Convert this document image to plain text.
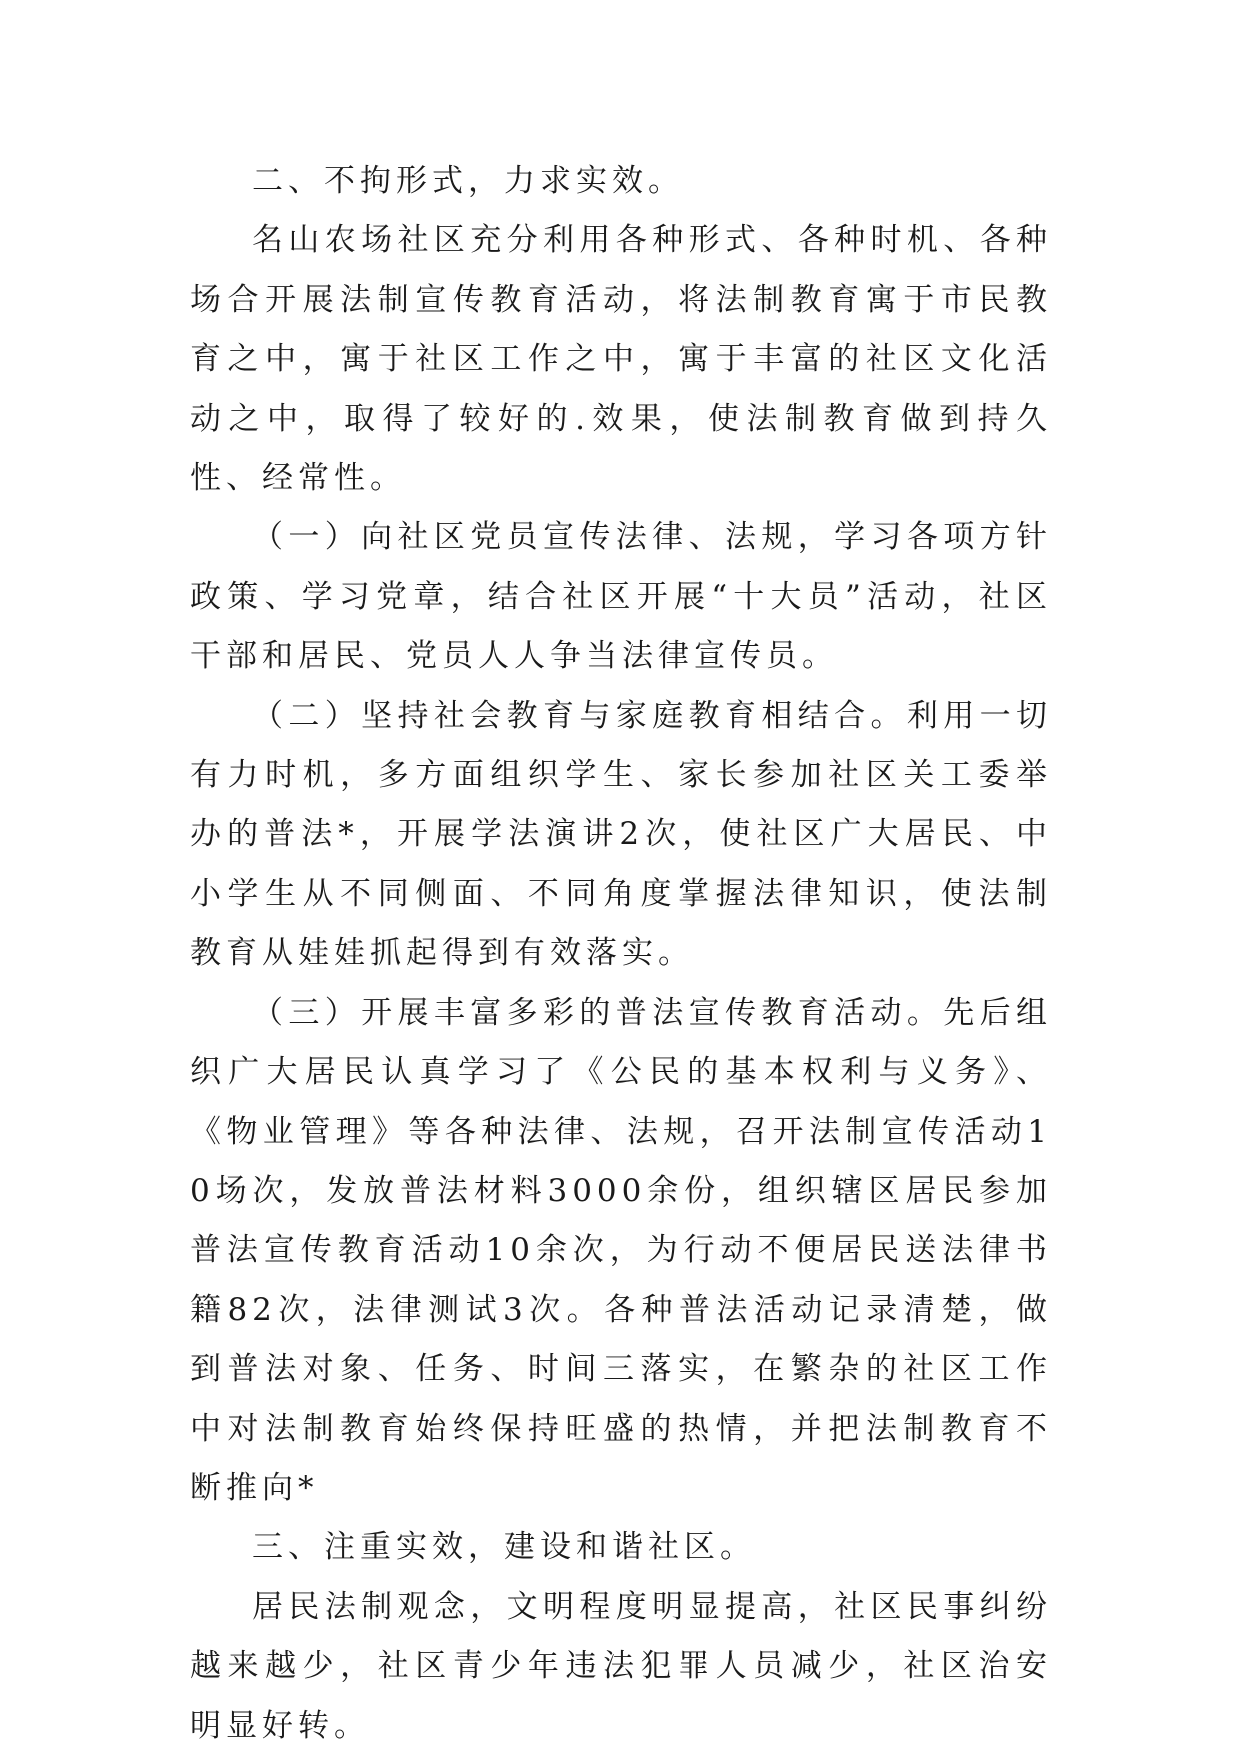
二、不拘形式，力求实效。

名山农场社区充分利用各种形式、各种时机、各种场合开展法制宣传教育活动，将法制教育寓于市民教育之中，寓于社区工作之中，寓于丰富的社区文化活动之中，取得了较好的.效果，使法制教育做到持久性、经常性。

（一）向社区党员宣传法律、法规，学习各项方针政策、学习党章，结合社区开展“十大员”活动，社区干部和居民、党员人人争当法律宣传员。

（二）坚持社会教育与家庭教育相结合。利用一切有力时机，多方面组织学生、家长参加社区关工委举办的普法*，开展学法演讲2次，使社区广大居民、中小学生从不同侧面、不同角度掌握法律知识，使法制教育从娃娃抓起得到有效落实。

（三）开展丰富多彩的普法宣传教育活动。先后组织广大居民认真学习了《公民的基本权利与义务》、《物业管理》等各种法律、法规，召开法制宣传活动10场次，发放普法材料3000余份，组织辖区居民参加普法宣传教育活动10余次，为行动不便居民送法律书籍82次，法律测试3次。各种普法活动记录清楚，做到普法对象、任务、时间三落实，在繁杂的社区工作中对法制教育始终保持旺盛的热情，并把法制教育不断推向*

三、注重实效，建设和谐社区。

居民法制观念，文明程度明显提高，社区民事纠纷越来越少，社区青少年违法犯罪人员减少，社区治安明显好转。
